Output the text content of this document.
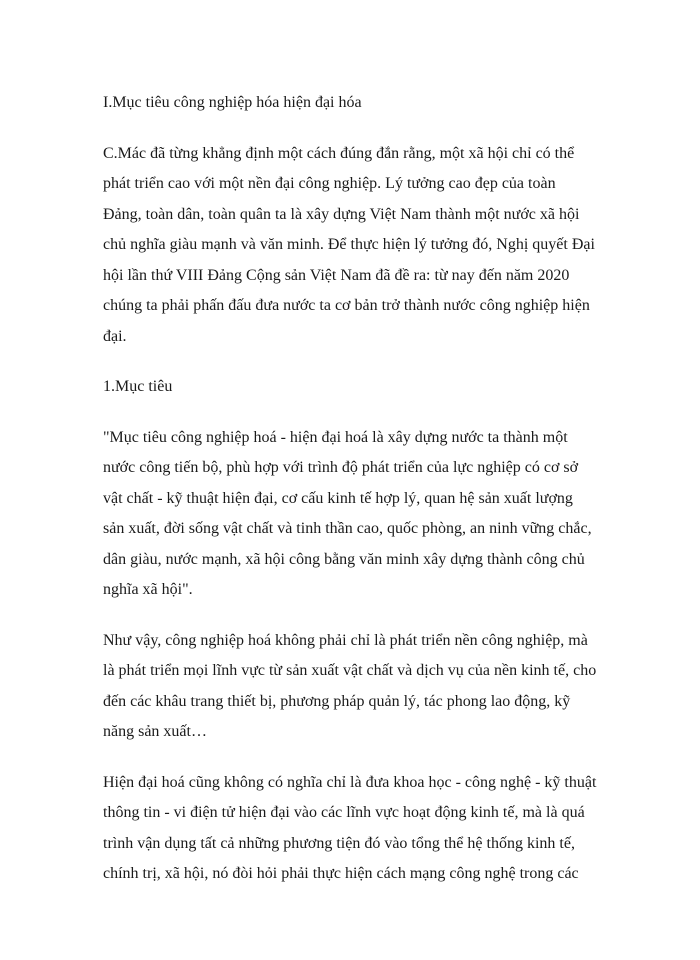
I.Mục tiêu công nghiệp hóa hiện đại hóa

C.Mác đã từng khẳng định một cách đúng đắn rằng, một xã hội chỉ có thể
phát triển cao với một nền đại công nghiệp. Lý tưởng cao đẹp của toàn
Đảng, toàn dân, toàn quân ta là xây dựng Việt Nam thành một nước xã hội
chủ nghĩa giàu mạnh và văn minh. Để thực hiện lý tưởng đó, Nghị quyết Đại
hội lần thứ VIII Đảng Cộng sản Việt Nam đã đề ra: từ nay đến năm 2020
chúng ta phải phấn đấu đưa nước ta cơ bản trở thành nước công nghiệp hiện
đại.

1.Mục tiêu

"Mục tiêu công nghiệp hoá - hiện đại hoá là xây dựng nước ta thành một
nước công tiến bộ, phù hợp với trình độ phát triển của lực nghiệp có cơ sở
vật chất - kỹ thuật hiện đại, cơ cấu kinh tế hợp lý, quan hệ sản xuất lượng
sản xuất, đời sống vật chất và tinh thần cao, quốc phòng, an ninh vững chắc,
dân giàu, nước mạnh, xã hội công bằng văn minh xây dựng thành công chủ
nghĩa xã hội".

Như vậy, công nghiệp hoá không phải chỉ là phát triển nền công nghiệp, mà
là phát triển mọi lĩnh vực từ sản xuất vật chất và dịch vụ của nền kinh tế, cho
đến các khâu trang thiết bị, phương pháp quản lý, tác phong lao động, kỹ
năng sản xuất…

Hiện đại hoá cũng không có nghĩa chỉ là đưa khoa học - công nghệ - kỹ thuật
thông tin - vi điện tử hiện đại vào các lĩnh vực hoạt động kinh tế, mà là quá
trình vận dụng tất cả những phương tiện đó vào tổng thể hệ thống kinh tế,
chính trị, xã hội, nó đòi hỏi phải thực hiện cách mạng công nghệ trong các
